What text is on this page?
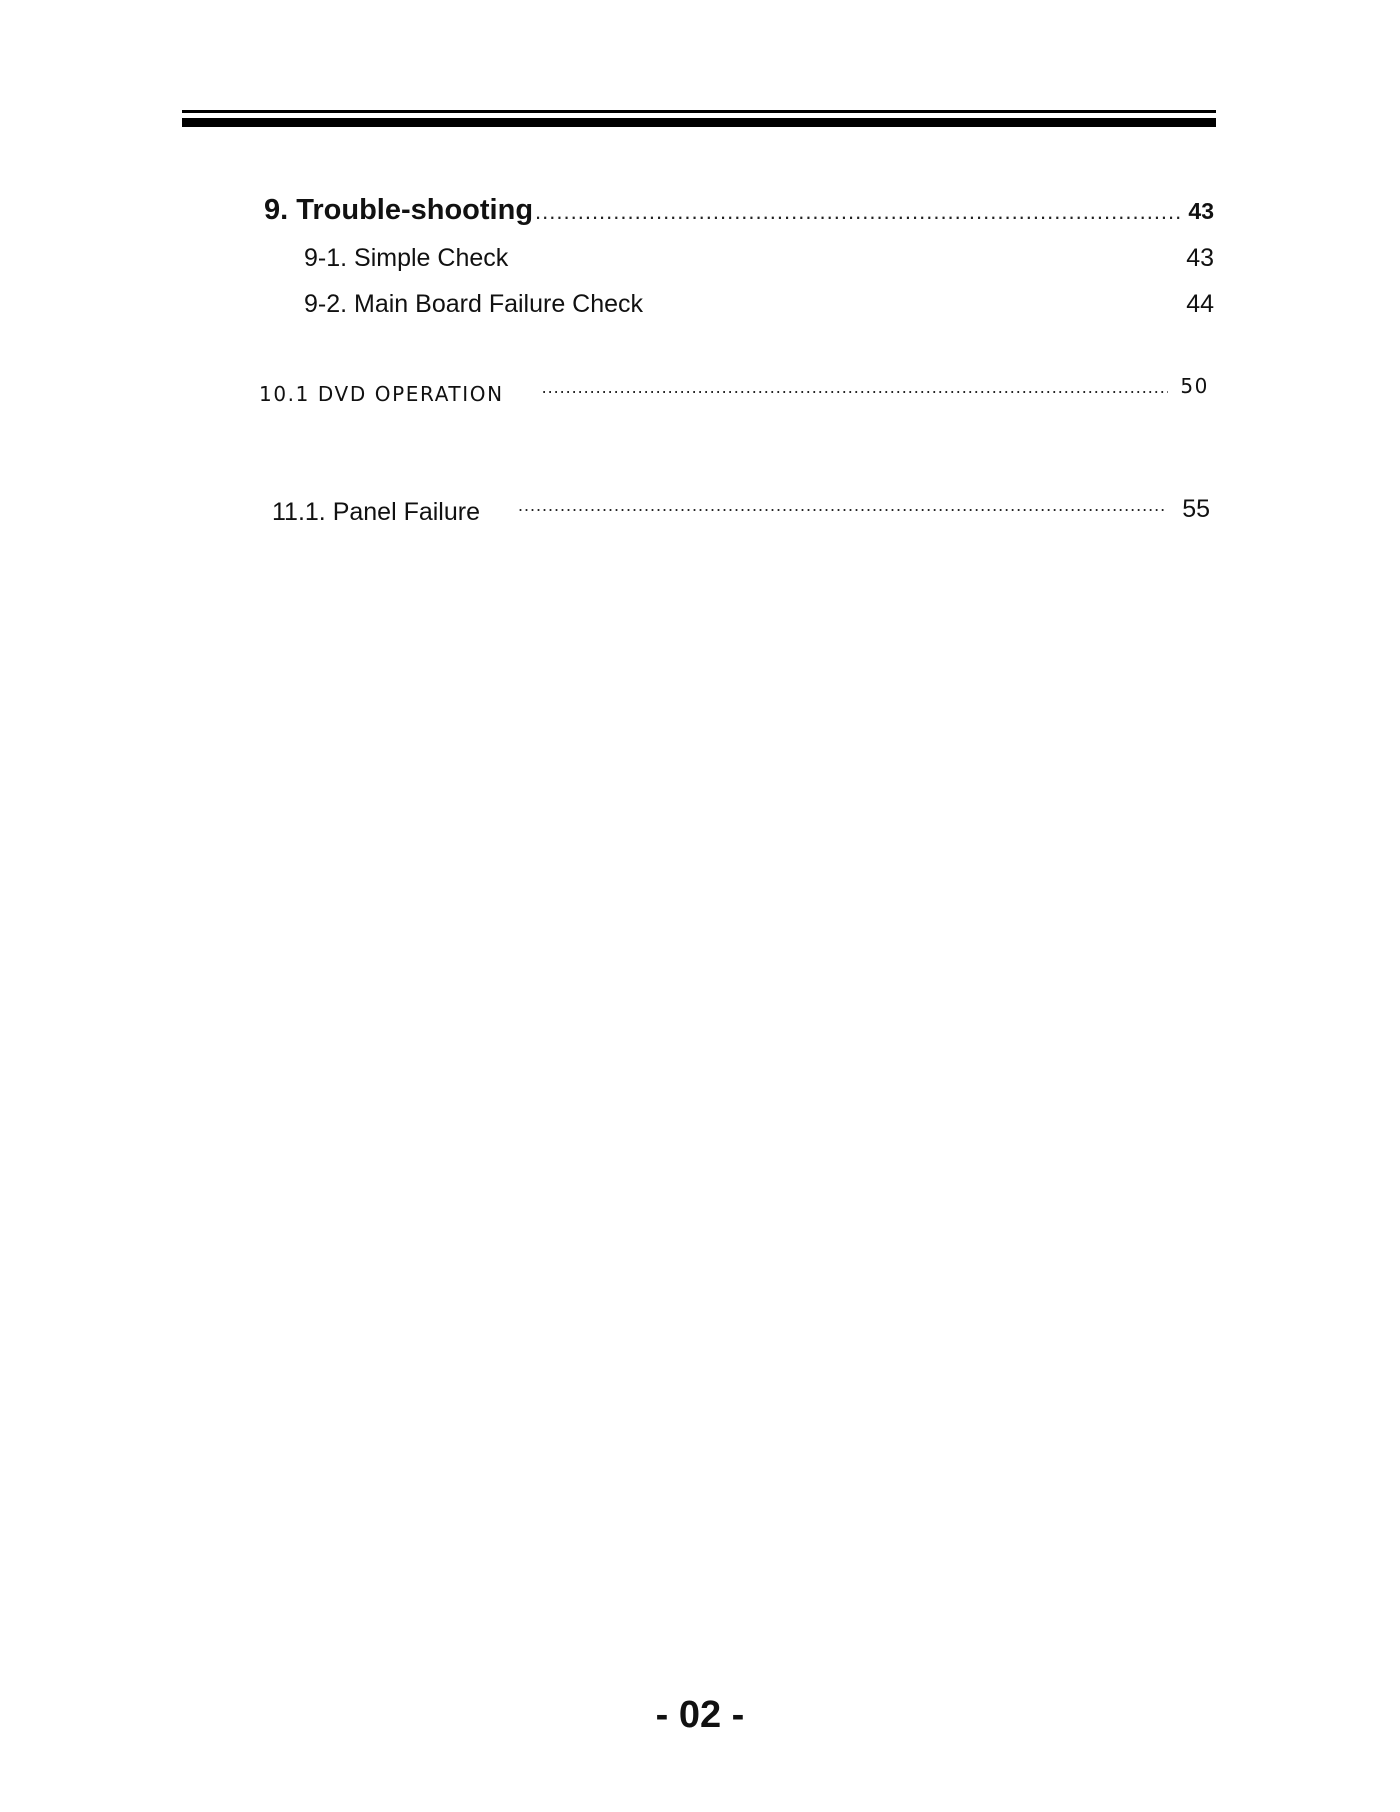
9. Trouble-shooting .....	43
9-1. Simple Check	43
9-2. Main Board Failure Check	44
10.1 DVD OPERATION .....	50
11.1. Panel Failure .....	55
- 02 -
